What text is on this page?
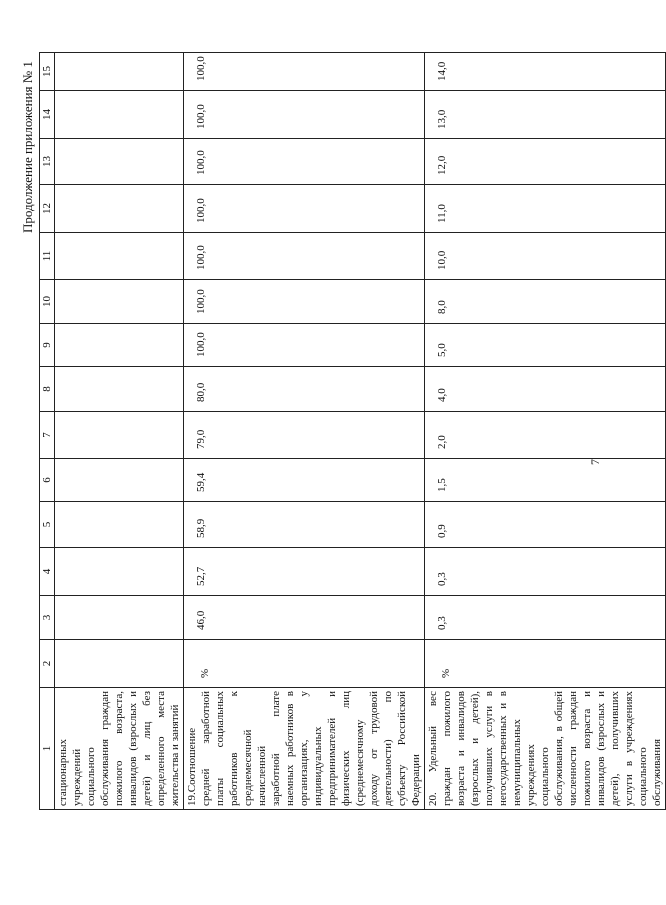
7
Продолжение приложения № 1
1	2	3	4	5	6	7	8	9	10	11	12	13	14	15
стационарных учреждений социального обслуживания граждан пожилого возраста, инвалидов (взрослых и детей) и лиц без определенного места жительства и занятий														
19.Соотношение средней заработной платы социальных работников к среднемесячной начисленной заработной плате наемных работников в организациях, у индивидуальных предпринимателей и физических лиц (среднемесячному доходу от трудовой деятельности) по субъекту Российской Федерации	%	46,0	52,7	58,9	59,4	79,0	80,0	100,0	100,0	100,0	100,0	100,0	100,0	100,0
20. Удельный вес граждан пожилого возраста и инвалидов (взрослых и детей), получивших услуги в негосударственных и в немуниципальных учреждениях социального обслуживания, в общей численности граждан пожилого возраста и инвалидов (взрослых и детей), получивших услуги в учреждениях социального обслуживания	%	0,3	0,3	0,9	1,5	2,0	4,0	5,0	8,0	10,0	11,0	12,0	13,0	14,0
